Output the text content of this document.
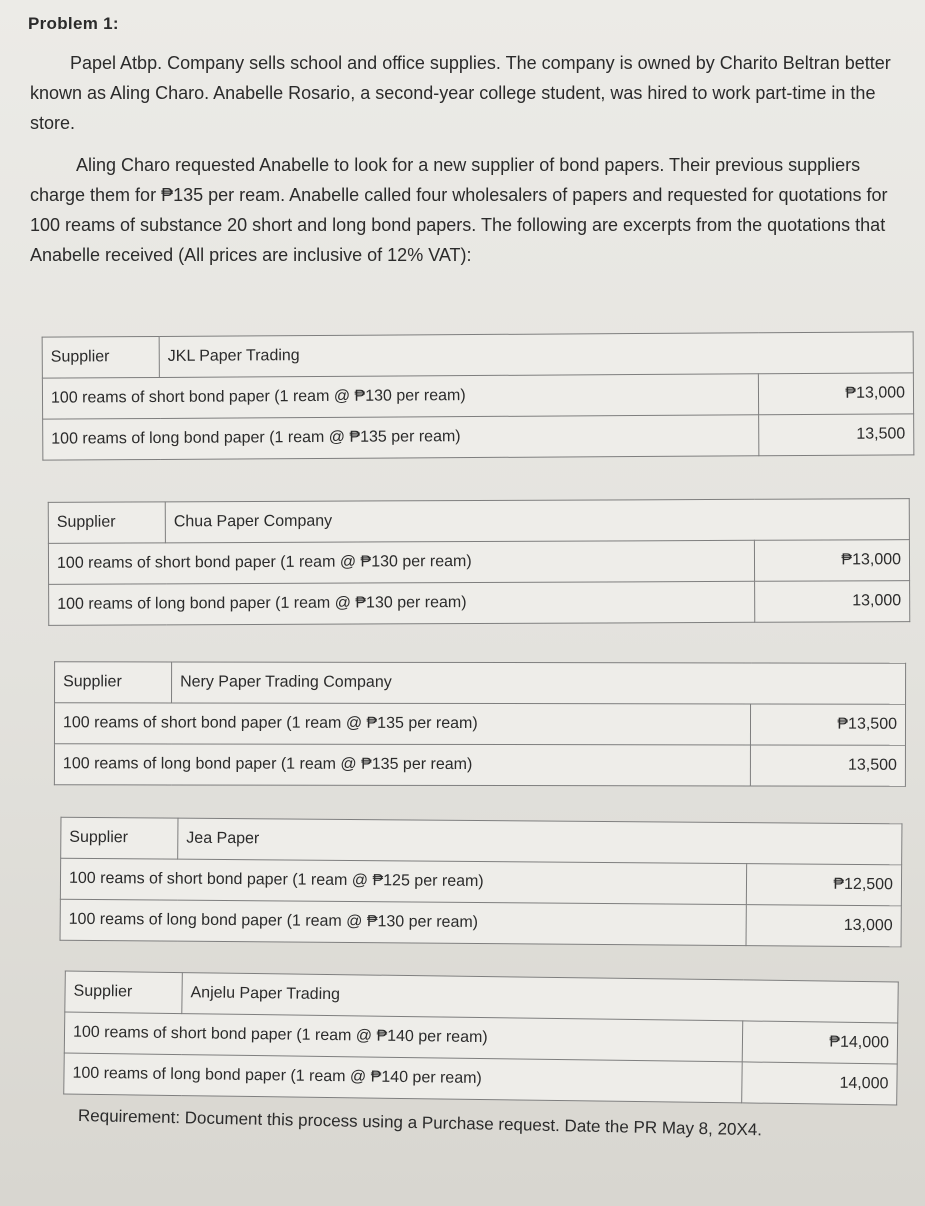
Problem 1:

Papel Atbp. Company sells school and office supplies. The company is owned by Charito Beltran better known as Aling Charo. Anabelle Rosario, a second-year college student, was hired to work part-time in the store.

Aling Charo requested Anabelle to look for a new supplier of bond papers. Their previous suppliers charge them for ₱135 per ream. Anabelle called four wholesalers of papers and requested for quotations for 100 reams of substance 20 short and long bond papers. The following are excerpts from the quotations that Anabelle received (All prices are inclusive of 12% VAT):

Supplier	JKL Paper Trading	
100 reams of short bond paper (1 ream @ ₱130 per ream)		₱13,000
100 reams of long bond paper (1 ream @ ₱135 per ream)		13,500
Supplier	Chua Paper Company	
100 reams of short bond paper (1 ream @ ₱130 per ream)		₱13,000
100 reams of long bond paper (1 ream @ ₱130 per ream)		13,000
Supplier	Nery Paper Trading Company	
100 reams of short bond paper (1 ream @ ₱135 per ream)		₱13,500
100 reams of long bond paper (1 ream @ ₱135 per ream)		13,500
Supplier	Jea Paper	
100 reams of short bond paper (1 ream @ ₱125 per ream)		₱12,500
100 reams of long bond paper (1 ream @ ₱130 per ream)		13,000
Supplier	Anjelu Paper Trading	
100 reams of short bond paper (1 ream @ ₱140 per ream)		₱14,000
100 reams of long bond paper (1 ream @ ₱140 per ream)		14,000

Requirement: Document this process using a Purchase request. Date the PR May 8, 20X4.
